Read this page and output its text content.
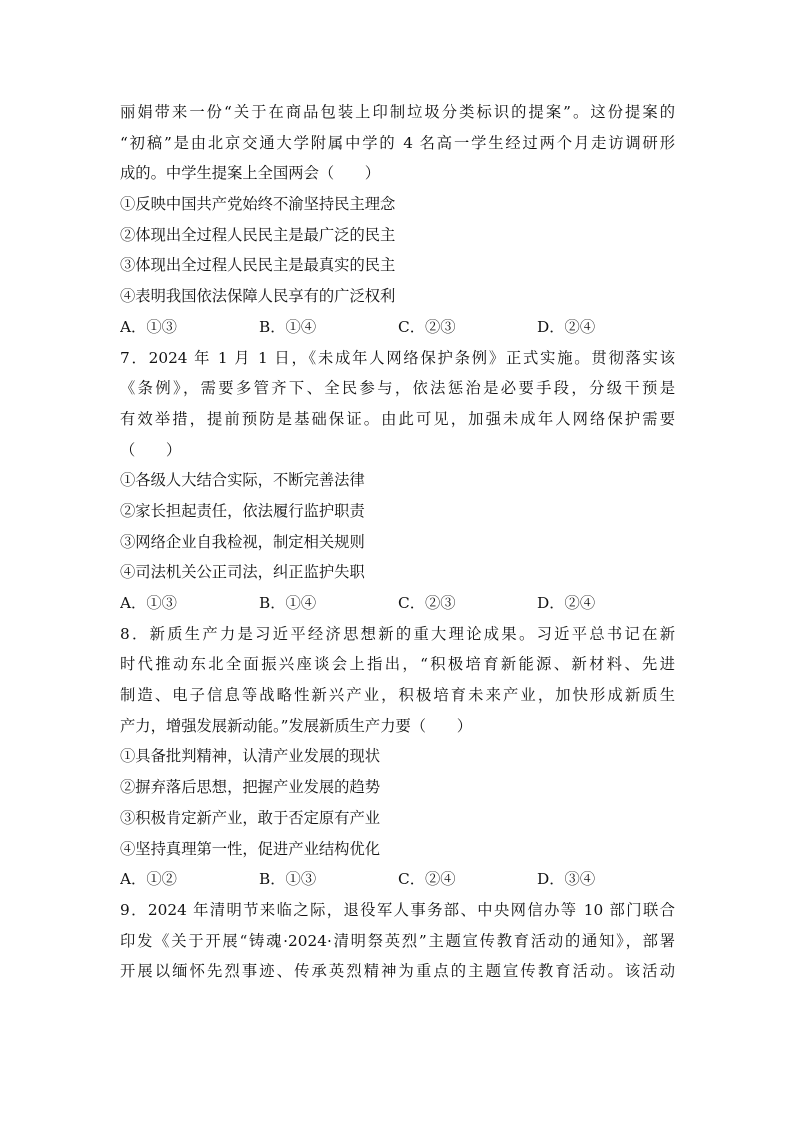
丽娟带来一份“关于在商品包装上印制垃圾分类标识的提案”。这份提案的
“初稿”是由北京交通大学附属中学的 4 名高一学生经过两个月走访调研形
成的。中学生提案上全国两会（　　）
①反映中国共产党始终不渝坚持民主理念
②体现出全过程人民民主是最广泛的民主
③体现出全过程人民民主是最真实的民主
④表明我国依法保障人民享有的广泛权利
A．①③	B．①④	C．②③	D．②④
7．2024 年 1 月 1 日，《未成年人网络保护条例》正式实施。贯彻落实该
《条例》，需要多管齐下、全民参与，依法惩治是必要手段，分级干预是
有效举措，提前预防是基础保证。由此可见，加强未成年人网络保护需要
（　　）
①各级人大结合实际，不断完善法律
②家长担起责任，依法履行监护职责
③网络企业自我检视，制定相关规则
④司法机关公正司法，纠正监护失职
A．①③	B．①④	C．②③	D．②④
8．新质生产力是习近平经济思想新的重大理论成果。习近平总书记在新
时代推动东北全面振兴座谈会上指出，“积极培育新能源、新材料、先进
制造、电子信息等战略性新兴产业，积极培育未来产业，加快形成新质生
产力，增强发展新动能。”发展新质生产力要（　　）
①具备批判精神，认清产业发展的现状
②摒弃落后思想，把握产业发展的趋势
③积极肯定新产业，敢于否定原有产业
④坚持真理第一性，促进产业结构优化
A．①②	B．①③	C．②④	D．③④
9．2024 年清明节来临之际，退役军人事务部、中央网信办等 10 部门联合
印发《关于开展“铸魂·2024·清明祭英烈”主题宣传教育活动的通知》，部署
开展以缅怀先烈事迹、传承英烈精神为重点的主题宣传教育活动。该活动
